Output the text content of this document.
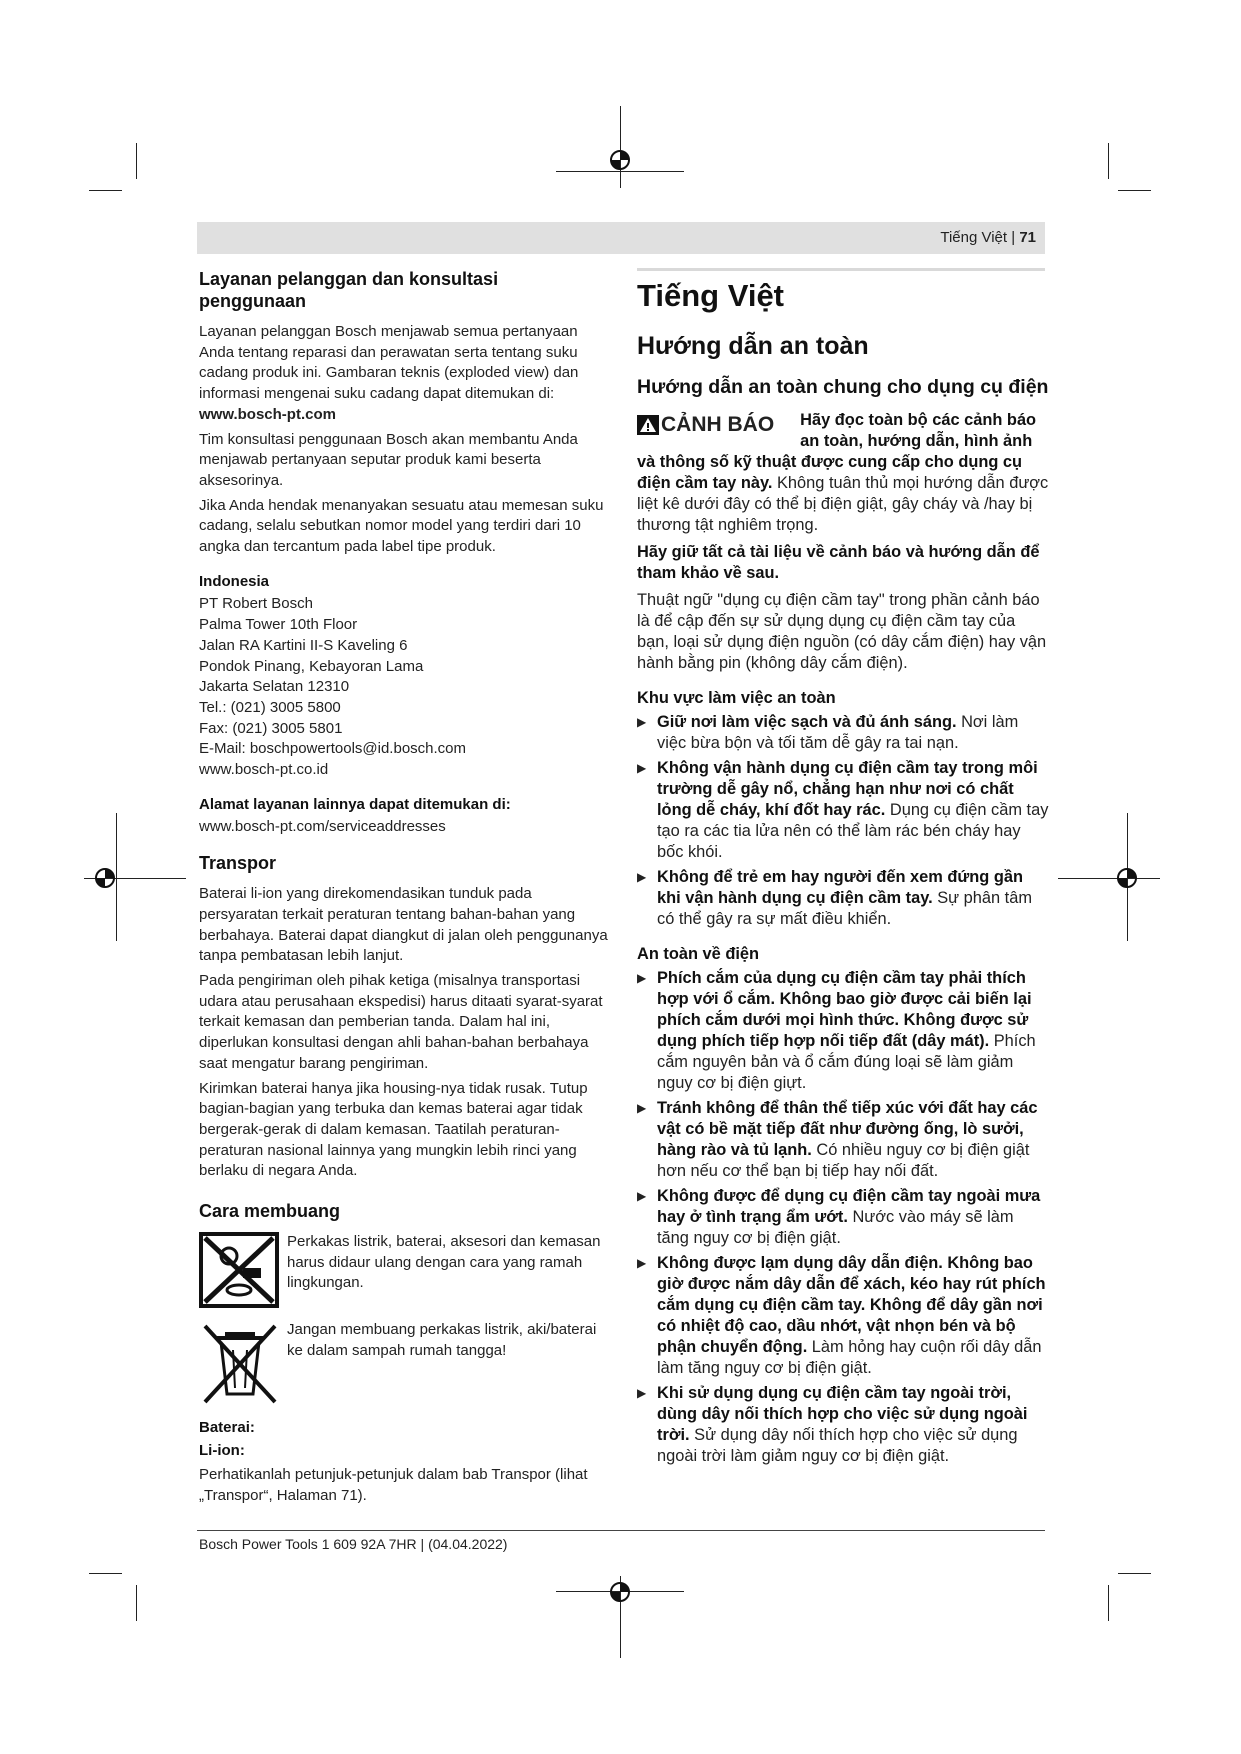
Tiếng Việt | 71
Layanan pelanggan dan konsultasi penggunaan

Layanan pelanggan Bosch menjawab semua pertanyaan Anda tentang reparasi dan perawatan serta tentang suku cadang produk ini. Gambaran teknis (exploded view) dan informasi mengenai suku cadang dapat ditemukan di:
www.bosch-pt.com

Tim konsultasi penggunaan Bosch akan membantu Anda menjawab pertanyaan seputar produk kami beserta aksesorinya.

Jika Anda hendak menanyakan sesuatu atau memesan suku cadang, selalu sebutkan nomor model yang terdiri dari 10 angka dan tercantum pada label tipe produk.

Indonesia
PT Robert Bosch
Palma Tower 10th Floor
Jalan RA Kartini II-S Kaveling 6
Pondok Pinang, Kebayoran Lama
Jakarta Selatan 12310
Tel.: (021) 3005 5800
Fax: (021) 3005 5801
E-Mail: boschpowertools@id.bosch.com
www.bosch-pt.co.id
Alamat layanan lainnya dapat ditemukan di:
www.bosch-pt.com/serviceaddresses
Transpor

Baterai li-ion yang direkomendasikan tunduk pada persyaratan terkait peraturan tentang bahan-bahan yang berbahaya. Baterai dapat diangkut di jalan oleh penggunanya tanpa pembatasan lebih lanjut.

Pada pengiriman oleh pihak ketiga (misalnya transportasi udara atau perusahaan ekspedisi) harus ditaati syarat-syarat terkait kemasan dan pemberian tanda. Dalam hal ini, diperlukan konsultasi dengan ahli bahan-bahan berbahaya saat mengatur barang pengiriman.

Kirimkan baterai hanya jika housing-nya tidak rusak. Tutup bagian-bagian yang terbuka dan kemas baterai agar tidak bergerak-gerak di dalam kemasan. Taatilah peraturan-peraturan nasional lainnya yang mungkin lebih rinci yang berlaku di negara Anda.

Cara membuang
Perkakas listrik, baterai, aksesori dan kemasan harus didaur ulang dengan cara yang ramah lingkungan.
Jangan membuang perkakas listrik, aki/baterai ke dalam sampah rumah tangga!
Baterai:
Li-ion:

Perhatikanlah petunjuk-petunjuk dalam bab Transpor (lihat „Transpor“, Halaman 71).

Tiếng Việt
Hướng dẫn an toàn
Hướng dẫn an toàn chung cho dụng cụ điện

CẢNH BÁO Hãy đọc toàn bộ các cảnh báo an toàn, hướng dẫn, hình ảnh và thông số kỹ thuật được cung cấp cho dụng cụ điện cầm tay này. Không tuân thủ mọi hướng dẫn được liệt kê dưới đây có thể bị điện giật, gây cháy và /hay bị thương tật nghiêm trọng.

Hãy giữ tất cả tài liệu về cảnh báo và hướng dẫn để tham khảo về sau.

Thuật ngữ "dụng cụ điện cầm tay" trong phần cảnh báo là để cập đến sự sử dụng dụng cụ điện cầm tay của bạn, loại sử dụng điện nguồn (có dây cắm điện) hay vận hành bằng pin (không dây cắm điện).

Khu vực làm việc an toàn
▶ Giữ nơi làm việc sạch và đủ ánh sáng. Nơi làm việc bừa bộn và tối tăm dễ gây ra tai nạn.
▶ Không vận hành dụng cụ điện cầm tay trong môi trường dễ gây nổ, chẳng hạn như nơi có chất lỏng dễ cháy, khí đốt hay rác. Dụng cụ điện cầm tay tạo ra các tia lửa nên có thể làm rác bén cháy hay bốc khói.
▶ Không để trẻ em hay người đến xem đứng gần khi vận hành dụng cụ điện cầm tay. Sự phân tâm có thể gây ra sự mất điều khiển.
An toàn về điện
▶ Phích cắm của dụng cụ điện cầm tay phải thích hợp với ổ cắm. Không bao giờ được cải biến lại phích cắm dưới mọi hình thức. Không được sử dụng phích tiếp hợp nối tiếp đất (dây mát). Phích cắm nguyên bản và ổ cắm đúng loại sẽ làm giảm nguy cơ bị điện giựt.
▶ Tránh không để thân thể tiếp xúc với đất hay các vật có bề mặt tiếp đất như đường ống, lò sưởi, hàng rào và tủ lạnh. Có nhiều nguy cơ bị điện giật hơn nếu cơ thể bạn bị tiếp hay nối đất.
▶ Không được để dụng cụ điện cầm tay ngoài mưa hay ở tình trạng ẩm ướt. Nước vào máy sẽ làm tăng nguy cơ bị điện giật.
▶ Không được lạm dụng dây dẫn điện. Không bao giờ được nắm dây dẫn để xách, kéo hay rút phích cắm dụng cụ điện cầm tay. Không để dây gần nơi có nhiệt độ cao, dầu nhớt, vật nhọn bén và bộ phận chuyển động. Làm hỏng hay cuộn rối dây dẫn làm tăng nguy cơ bị điện giật.
▶ Khi sử dụng dụng cụ điện cầm tay ngoài trời, dùng dây nối thích hợp cho việc sử dụng ngoài trời. Sử dụng dây nối thích hợp cho việc sử dụng ngoài trời làm giảm nguy cơ bị điện giật.
Bosch Power Tools 1 609 92A 7HR | (04.04.2022)
